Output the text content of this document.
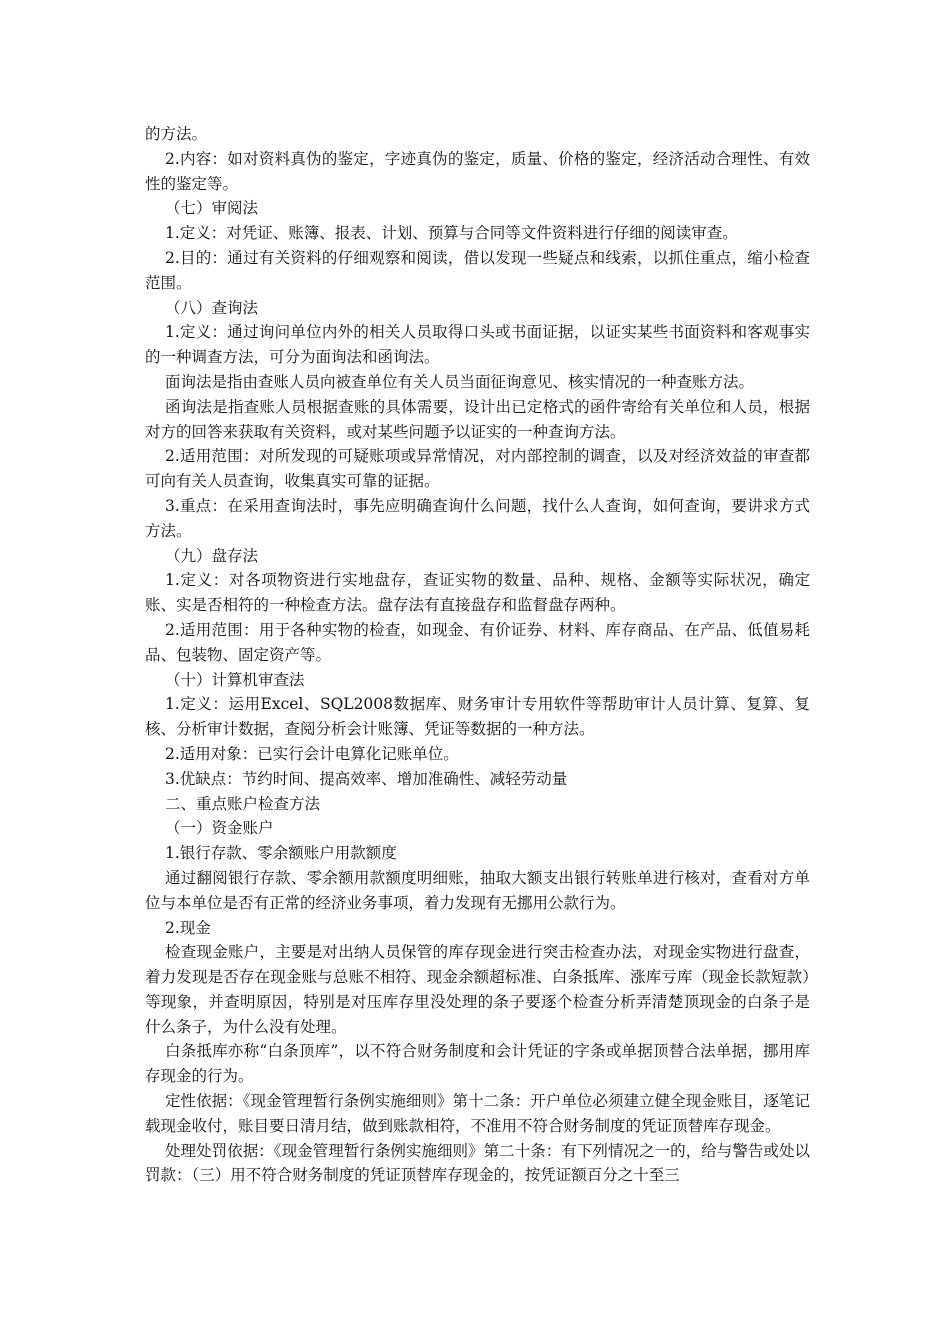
的方法。

2.内容：如对资料真伪的鉴定，字迹真伪的鉴定，质量、价格的鉴定，经济活动合理性、有效性的鉴定等。

（七）审阅法

1.定义：对凭证、账簿、报表、计划、预算与合同等文件资料进行仔细的阅读审查。

2.目的：通过有关资料的仔细观察和阅读，借以发现一些疑点和线索，以抓住重点，缩小检查范围。

（八）查询法

1.定义：通过询问单位内外的相关人员取得口头或书面证据，以证实某些书面资料和客观事实的一种调查方法，可分为面询法和函询法。

面询法是指由查账人员向被查单位有关人员当面征询意见、核实情况的一种查账方法。

函询法是指查账人员根据查账的具体需要，设计出已定格式的函件寄给有关单位和人员，根据对方的回答来获取有关资料，或对某些问题予以证实的一种查询方法。

2.适用范围：对所发现的可疑账项或异常情况，对内部控制的调查，以及对经济效益的审查都可向有关人员查询，收集真实可靠的证据。

3.重点：在采用查询法时，事先应明确查询什么问题，找什么人查询，如何查询，要讲求方式方法。

（九）盘存法

1.定义：对各项物资进行实地盘存，查证实物的数量、品种、规格、金额等实际状况，确定账、实是否相符的一种检查方法。盘存法有直接盘存和监督盘存两种。

2.适用范围：用于各种实物的检查，如现金、有价证券、材料、库存商品、在产品、低值易耗品、包装物、固定资产等。

（十）计算机审查法

1.定义：运用Excel、SQL2008数据库、财务审计专用软件等帮助审计人员计算、复算、复核、分析审计数据，查阅分析会计账簿、凭证等数据的一种方法。

2.适用对象：已实行会计电算化记账单位。

3.优缺点：节约时间、提高效率、增加准确性、减轻劳动量

二、重点账户检查方法

（一）资金账户

1.银行存款、零余额账户用款额度

通过翻阅银行存款、零余额用款额度明细账，抽取大额支出银行转账单进行核对，查看对方单位与本单位是否有正常的经济业务事项，着力发现有无挪用公款行为。

2.现金

检查现金账户，主要是对出纳人员保管的库存现金进行突击检查办法，对现金实物进行盘查，着力发现是否存在现金账与总账不相符、现金余额超标准、白条抵库、涨库亏库（现金长款短款）等现象，并查明原因，特别是对压库存里没处理的条子要逐个检查分析弄清楚顶现金的白条子是什么条子，为什么没有处理。

白条抵库亦称“白条顶库”，以不符合财务制度和会计凭证的字条或单据顶替合法单据，挪用库存现金的行为。

定性依据：《现金管理暂行条例实施细则》第十二条：开户单位必须建立健全现金账目，逐笔记载现金收付，账目要日清月结，做到账款相符，不准用不符合财务制度的凭证顶替库存现金。

处理处罚依据：《现金管理暂行条例实施细则》第二十条：有下列情况之一的，给与警告或处以罚款：（三）用不符合财务制度的凭证顶替库存现金的，按凭证额百分之十至三
